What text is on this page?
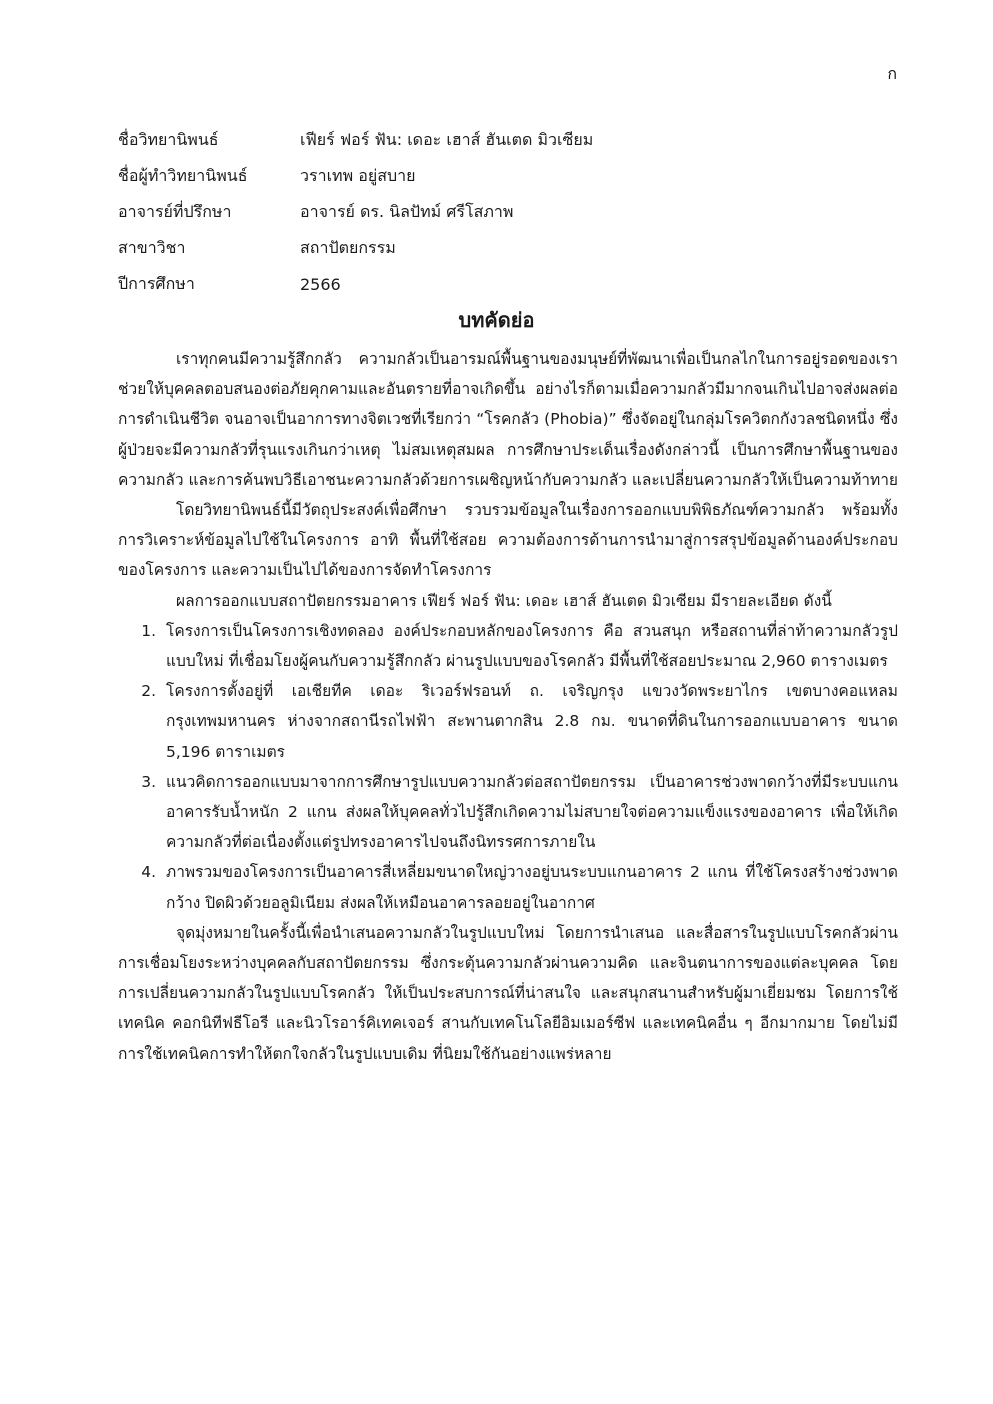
ก
ชื่อวิทยานิพนธ์	เฟียร์ ฟอร์ ฟัน: เดอะ เฮาส์ ฮันเตด มิวเซียม
ชื่อผู้ทำวิทยานิพนธ์	วราเทพ อยู่สบาย
อาจารย์ที่ปรึกษา	อาจารย์ ดร. นิลปัทม์ ศรีโสภาพ
สาขาวิชา	สถาปัตยกรรม
ปีการศึกษา	2566
บทคัดย่อ

เราทุกคนมีความรู้สึกกลัว ความกลัวเป็นอารมณ์พื้นฐานของมนุษย์ที่พัฒนาเพื่อเป็นกลไกในการอยู่รอดของเรา ช่วยให้บุคคลตอบสนองต่อภัยคุกคามและอันตรายที่อาจเกิดขึ้น อย่างไรก็ตามเมื่อความกลัวมีมากจนเกินไปอาจส่งผลต่อการดำเนินชีวิต จนอาจเป็นอาการทางจิตเวชที่เรียกว่า “โรคกลัว (Phobia)” ซึ่งจัดอยู่ในกลุ่มโรควิตกกังวลชนิดหนึ่ง ซึ่งผู้ป่วยจะมีความกลัวที่รุนแรงเกินกว่าเหตุ ไม่สมเหตุสมผล การศึกษาประเด็นเรื่องดังกล่าวนี้ เป็นการศึกษาพื้นฐานของความกลัว และการค้นพบวิธีเอาชนะความกลัวด้วยการเผชิญหน้ากับความกลัว และเปลี่ยนความกลัวให้เป็นความท้าทาย

โดยวิทยานิพนธ์นี้มีวัตถุประสงค์เพื่อศึกษา รวบรวมข้อมูลในเรื่องการออกแบบพิพิธภัณฑ์ความกลัว พร้อมทั้งการวิเคราะห์ข้อมูลไปใช้ในโครงการ อาทิ พื้นที่ใช้สอย ความต้องการด้านการนำมาสู่การสรุปข้อมูลด้านองค์ประกอบของโครงการ และความเป็นไปได้ของการจัดทำโครงการ

ผลการออกแบบสถาปัตยกรรมอาคาร เฟียร์ ฟอร์ ฟัน: เดอะ เฮาส์ ฮันเตด มิวเซียม มีรายละเอียด ดังนี้

1. โครงการเป็นโครงการเชิงทดลอง องค์ประกอบหลักของโครงการ คือ สวนสนุก หรือสถานที่ล่าท้าความกลัวรูปแบบใหม่ ที่เชื่อมโยงผู้คนกับความรู้สึกกลัว ผ่านรูปแบบของโรคกลัว มีพื้นที่ใช้สอยประมาณ 2,960 ตารางเมตร
2. โครงการตั้งอยู่ที่ เอเชียทีค เดอะ ริเวอร์ฟรอนท์ ถ. เจริญกรุง แขวงวัดพระยาไกร เขตบางคอแหลม กรุงเทพมหานคร ห่างจากสถานีรถไฟฟ้า สะพานตากสิน 2.8 กม. ขนาดที่ดินในการออกแบบอาคาร ขนาด 5,196 ตาราเมตร
3. แนวคิดการออกแบบมาจากการศึกษารูปแบบความกลัวต่อสถาปัตยกรรม เป็นอาคารช่วงพาดกว้างที่มีระบบแกนอาคารรับน้ำหนัก 2 แกน ส่งผลให้บุคคลทั่วไปรู้สึกเกิดความไม่สบายใจต่อความแข็งแรงของอาคาร เพื่อให้เกิดความกลัวที่ต่อเนื่องตั้งแต่รูปทรงอาคารไปจนถึงนิทรรศการภายใน
4. ภาพรวมของโครงการเป็นอาคารสี่เหลี่ยมขนาดใหญ่วางอยู่บนระบบแกนอาคาร 2 แกน ที่ใช้โครงสร้างช่วงพาดกว้าง ปิดผิวด้วยอลูมิเนียม ส่งผลให้เหมือนอาคารลอยอยู่ในอากาศ

จุดมุ่งหมายในครั้งนี้เพื่อนำเสนอความกลัวในรูปแบบใหม่ โดยการนำเสนอ และสื่อสารในรูปแบบโรคกลัวผ่านการเชื่อมโยงระหว่างบุคคลกับสถาปัตยกรรม ซึ่งกระตุ้นความกลัวผ่านความคิด และจินตนาการของแต่ละบุคคล โดยการเปลี่ยนความกลัวในรูปแบบโรคกลัว ให้เป็นประสบการณ์ที่น่าสนใจ และสนุกสนานสำหรับผู้มาเยี่ยมชม โดยการใช้เทคนิค คอกนิทีฟธีโอรี และนิวโรอาร์คิเทคเจอร์ สานกับเทคโนโลยีอิมเมอร์ซีฟ และเทคนิคอื่น ๆ อีกมากมาย โดยไม่มีการใช้เทคนิคการทำให้ตกใจกลัวในรูปแบบเดิม ที่นิยมใช้กันอย่างแพร่หลาย
